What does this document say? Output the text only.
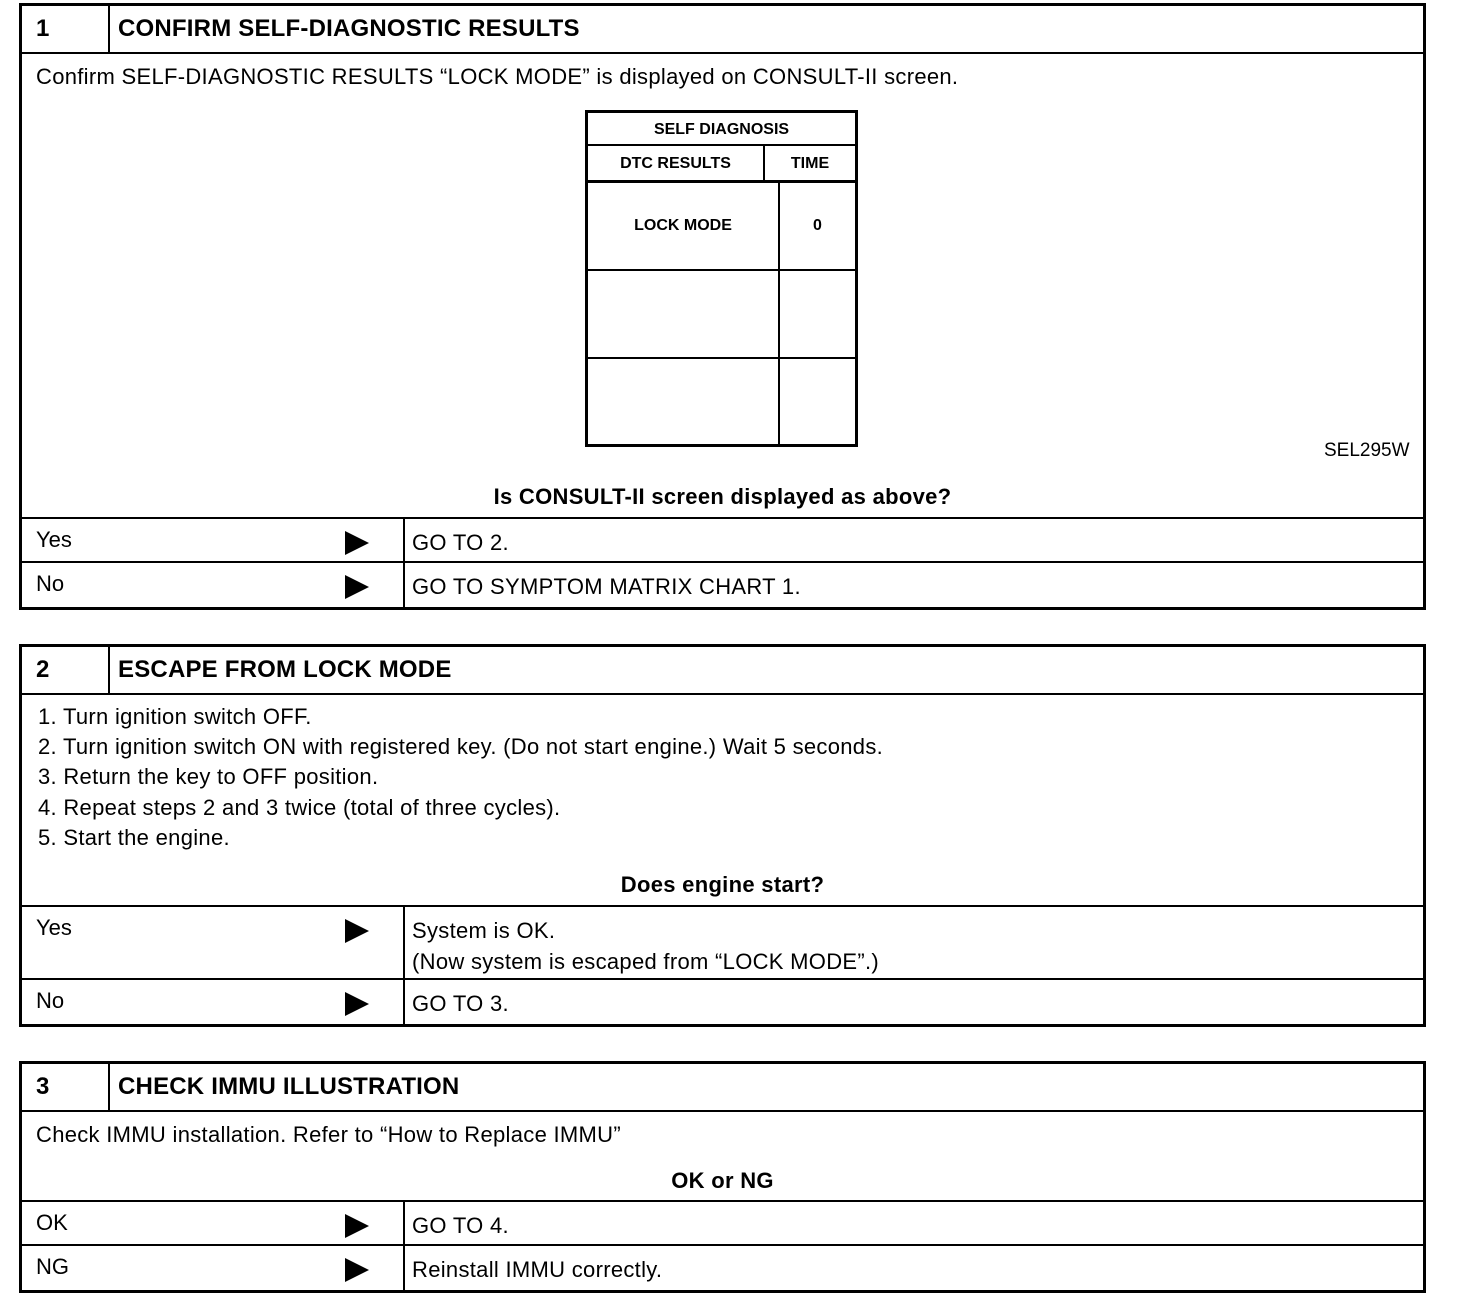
1	CONFIRM SELF-DIAGNOSTIC RESULTS
Confirm SELF-DIAGNOSTIC RESULTS “LOCK MODE” is displayed on CONSULT-II screen.
SELF DIAGNOSIS
DTC RESULTS	TIME
LOCK MODE	0
SEL295W
Is CONSULT-II screen displayed as above?
Yes	GO TO 2.
No	GO TO SYMPTOM MATRIX CHART 1.
2	ESCAPE FROM LOCK MODE
1. Turn ignition switch OFF.
2. Turn ignition switch ON with registered key. (Do not start engine.) Wait 5 seconds.
3. Return the key to OFF position.
4. Repeat steps 2 and 3 twice (total of three cycles).
5. Start the engine.
Does engine start?
Yes	System is OK.
(Now system is escaped from “LOCK MODE”.)
No	GO TO 3.
3	CHECK IMMU ILLUSTRATION
Check IMMU installation. Refer to “How to Replace IMMU”
OK or NG
OK	GO TO 4.
NG	Reinstall IMMU correctly.
